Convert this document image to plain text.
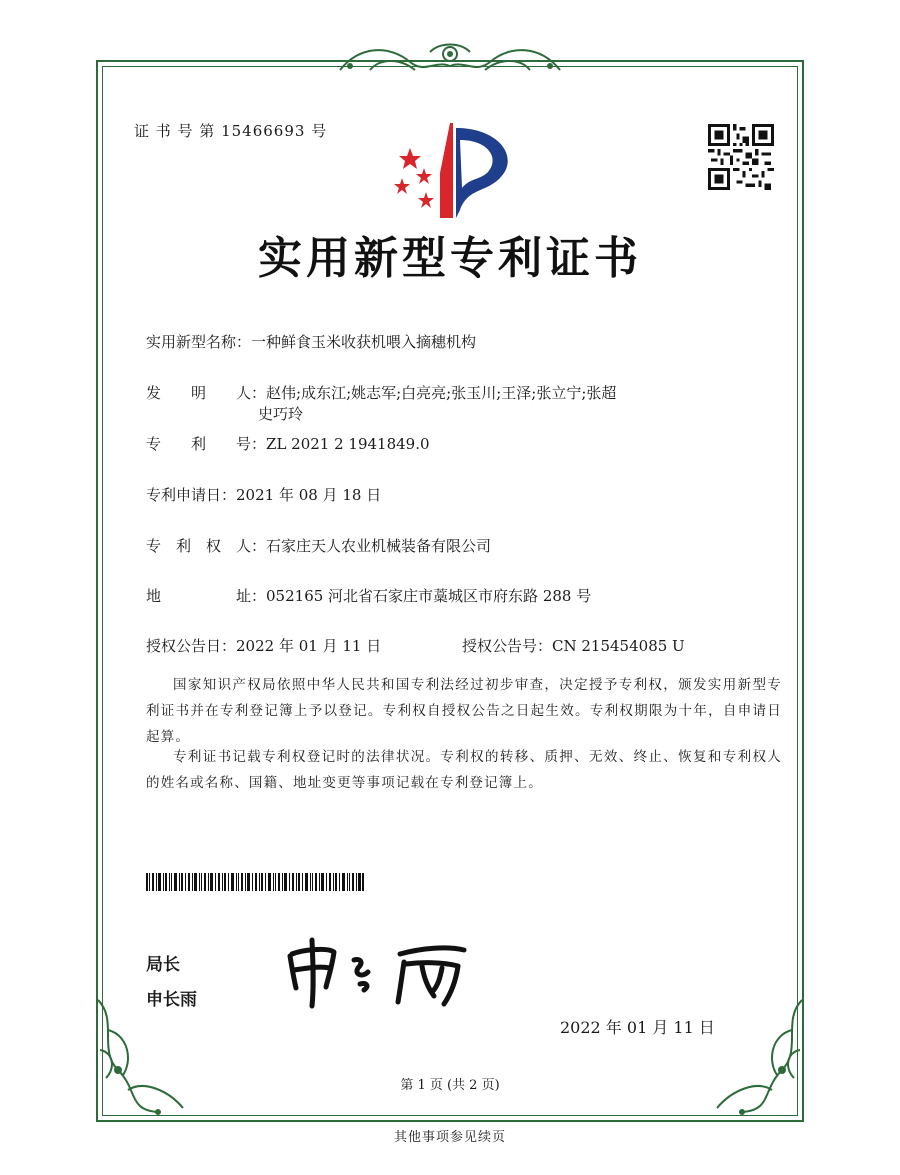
证 书 号 第 15466693 号
实用新型专利证书
实用新型名称：一种鲜食玉米收获机喂入摘穗机构
发　　明　　人：赵伟;成东江;姚志军;白亮亮;张玉川;王泽;张立宁;张超
史巧玲
专　　利　　号：ZL 2021 2 1941849.0
专利申请日：2021 年 08 月 18 日
专　利　权　人：石家庄天人农业机械装备有限公司
地　　　　　址：052165 河北省石家庄市藁城区市府东路 288 号
授权公告日：2022 年 01 月 11 日	授权公告号：CN 215454085 U
国家知识产权局依照中华人民共和国专利法经过初步审查，决定授予专利权，颁发实用新型专利证书并在专利登记簿上予以登记。专利权自授权公告之日起生效。专利权期限为十年，自申请日起算。
专利证书记载专利权登记时的法律状况。专利权的转移、质押、无效、终止、恢复和专利权人的姓名或名称、国籍、地址变更等事项记载在专利登记簿上。
局长
申长雨
2022 年 01 月 11 日
第 1 页 (共 2 页)
其他事项参见续页
